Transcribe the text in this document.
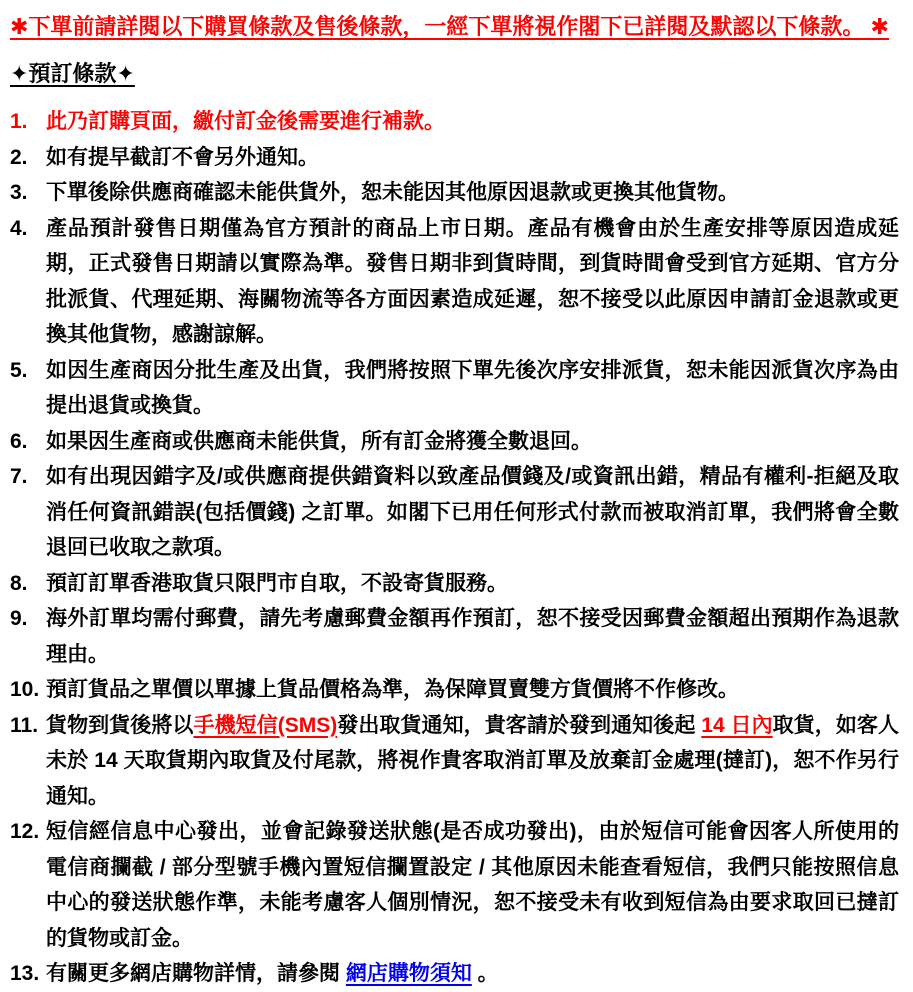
✱下單前請詳閱以下購買條款及售後條款，一經下單將視作閣下已詳閱及默認以下條款。 ✱
✦預訂條款✦
1. 此乃訂購頁面，繳付訂金後需要進行補款。
2. 如有提早截訂不會另外通知。
3. 下單後除供應商確認未能供貨外，恕未能因其他原因退款或更換其他貨物。
4. 產品預計發售日期僅為官方預計的商品上市日期。產品有機會由於生產安排等原因造成延期，正式發售日期請以實際為準。發售日期非到貨時間，到貨時間會受到官方延期、官方分批派貨、代理延期、海關物流等各方面因素造成延遲，恕不接受以此原因申請訂金退款或更換其他貨物，感謝諒解。
5. 如因生產商因分批生產及出貨，我們將按照下單先後次序安排派貨，恕未能因派貨次序為由提出退貨或換貨。
6. 如果因生產商或供應商未能供貨，所有訂金將獲全數退回。
7. 如有出現因錯字及/或供應商提供錯資料以致產品價錢及/或資訊出錯，精品有權利-拒絕及取消任何資訊錯誤(包括價錢) 之訂單。如閣下已用任何形式付款而被取消訂單，我們將會全數退回已收取之款項。
8. 預訂訂單香港取貨只限門市自取，不設寄貨服務。
9. 海外訂單均需付郵費，請先考慮郵費金額再作預訂，恕不接受因郵費金額超出預期作為退款理由。
10. 預訂貨品之單價以單據上貨品價格為準，為保障買賣雙方貨價將不作修改。
11. 貨物到貨後將以手機短信(SMS)發出取貨通知，貴客請於發到通知後起 14 日內取貨，如客人未於 14 天取貨期內取貨及付尾款，將視作貴客取消訂單及放棄訂金處理(撻訂)，恕不作另行通知。
12. 短信經信息中心發出，並會記錄發送狀態(是否成功發出)，由於短信可能會因客人所使用的電信商攔截 / 部分型號手機內置短信攔置設定 / 其他原因未能查看短信，我們只能按照信息中心的發送狀態作準，未能考慮客人個別情況，恕不接受未有收到短信為由要求取回已撻訂的貨物或訂金。
13. 有關更多網店購物詳情，請參閱 網店購物須知 。
